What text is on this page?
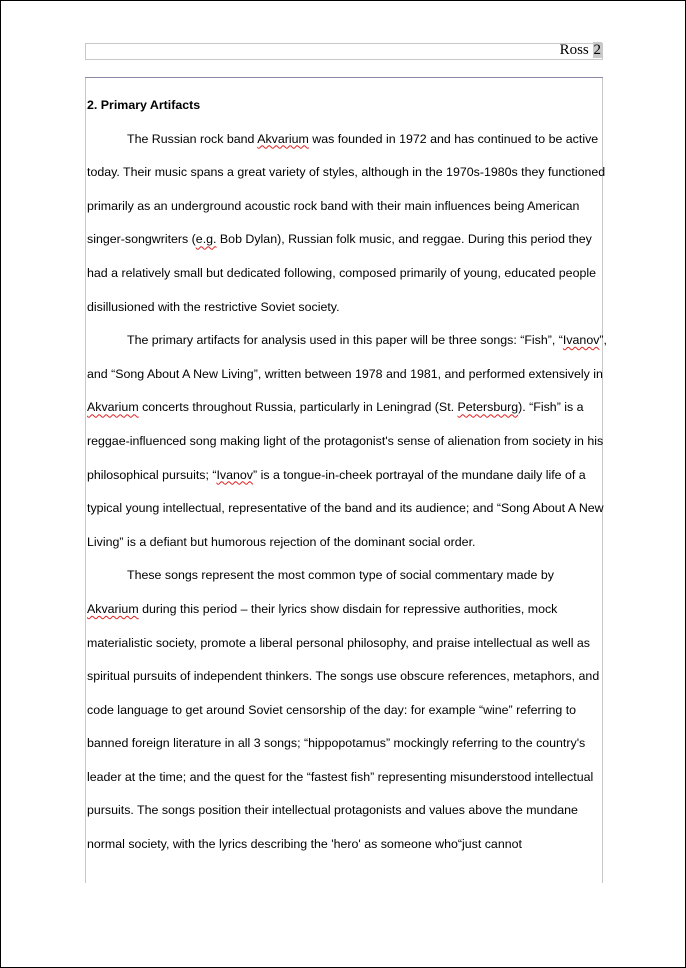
Ross 2

2. Primary Artifacts

The Russian rock band Akvarium was founded in 1972 and has continued to be active today. Their music spans a great variety of styles, although in the 1970s-1980s they functioned primarily as an underground acoustic rock band with their main influences being American singer-songwriters (e.g. Bob Dylan), Russian folk music, and reggae. During this period they had a relatively small but dedicated following, composed primarily of young, educated people disillusioned with the restrictive Soviet society.

The primary artifacts for analysis used in this paper will be three songs: “Fish”, “Ivanov”, and “Song About A New Living”, written between 1978 and 1981, and performed extensively in Akvarium concerts throughout Russia, particularly in Leningrad (St. Petersburg). “Fish” is a reggae-influenced song making light of the protagonist's sense of alienation from society in his philosophical pursuits; “Ivanov” is a tongue-in-cheek portrayal of the mundane daily life of a typical young intellectual, representative of the band and its audience; and “Song About A New Living” is a defiant but humorous rejection of the dominant social order.

These songs represent the most common type of social commentary made by Akvarium during this period – their lyrics show disdain for repressive authorities, mock materialistic society, promote a liberal personal philosophy, and praise intellectual as well as spiritual pursuits of independent thinkers. The songs use obscure references, metaphors, and code language to get around Soviet censorship of the day: for example “wine” referring to banned foreign literature in all 3 songs; “hippopotamus” mockingly referring to the country's leader at the time; and the quest for the “fastest fish” representing misunderstood intellectual pursuits. The songs position their intellectual protagonists and values above the mundane normal society, with the lyrics describing the 'hero' as someone who“just cannot
